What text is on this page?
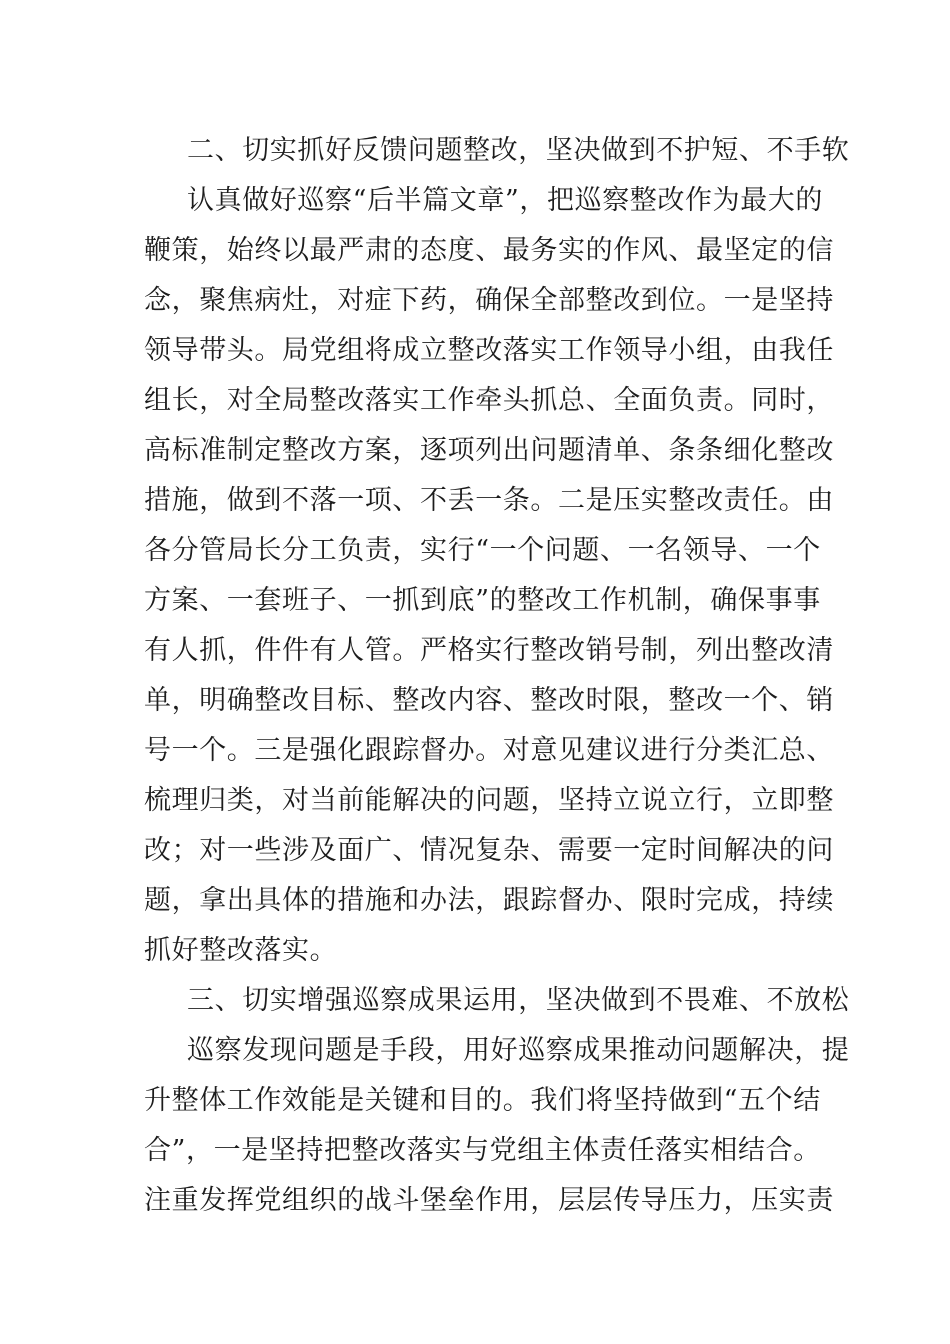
二、切实抓好反馈问题整改，坚决做到不护短、不手软
认真做好巡察“后半篇文章”，把巡察整改作为最大的
鞭策，始终以最严肃的态度、最务实的作风、最坚定的信
念，聚焦病灶，对症下药，确保全部整改到位。一是坚持
领导带头。局党组将成立整改落实工作领导小组，由我任
组长，对全局整改落实工作牵头抓总、全面负责。同时，
高标准制定整改方案，逐项列出问题清单、条条细化整改
措施，做到不落一项、不丢一条。二是压实整改责任。由
各分管局长分工负责，实行“一个问题、一名领导、一个
方案、一套班子、一抓到底”的整改工作机制，确保事事
有人抓，件件有人管。严格实行整改销号制，列出整改清
单，明确整改目标、整改内容、整改时限，整改一个、销
号一个。三是强化跟踪督办。对意见建议进行分类汇总、
梳理归类，对当前能解决的问题，坚持立说立行，立即整
改；对一些涉及面广、情况复杂、需要一定时间解决的问
题，拿出具体的措施和办法，跟踪督办、限时完成，持续
抓好整改落实。
三、切实增强巡察成果运用，坚决做到不畏难、不放松
巡察发现问题是手段，用好巡察成果推动问题解决，提
升整体工作效能是关键和目的。我们将坚持做到“五个结
合”，一是坚持把整改落实与党组主体责任落实相结合。
注重发挥党组织的战斗堡垒作用，层层传导压力，压实责
